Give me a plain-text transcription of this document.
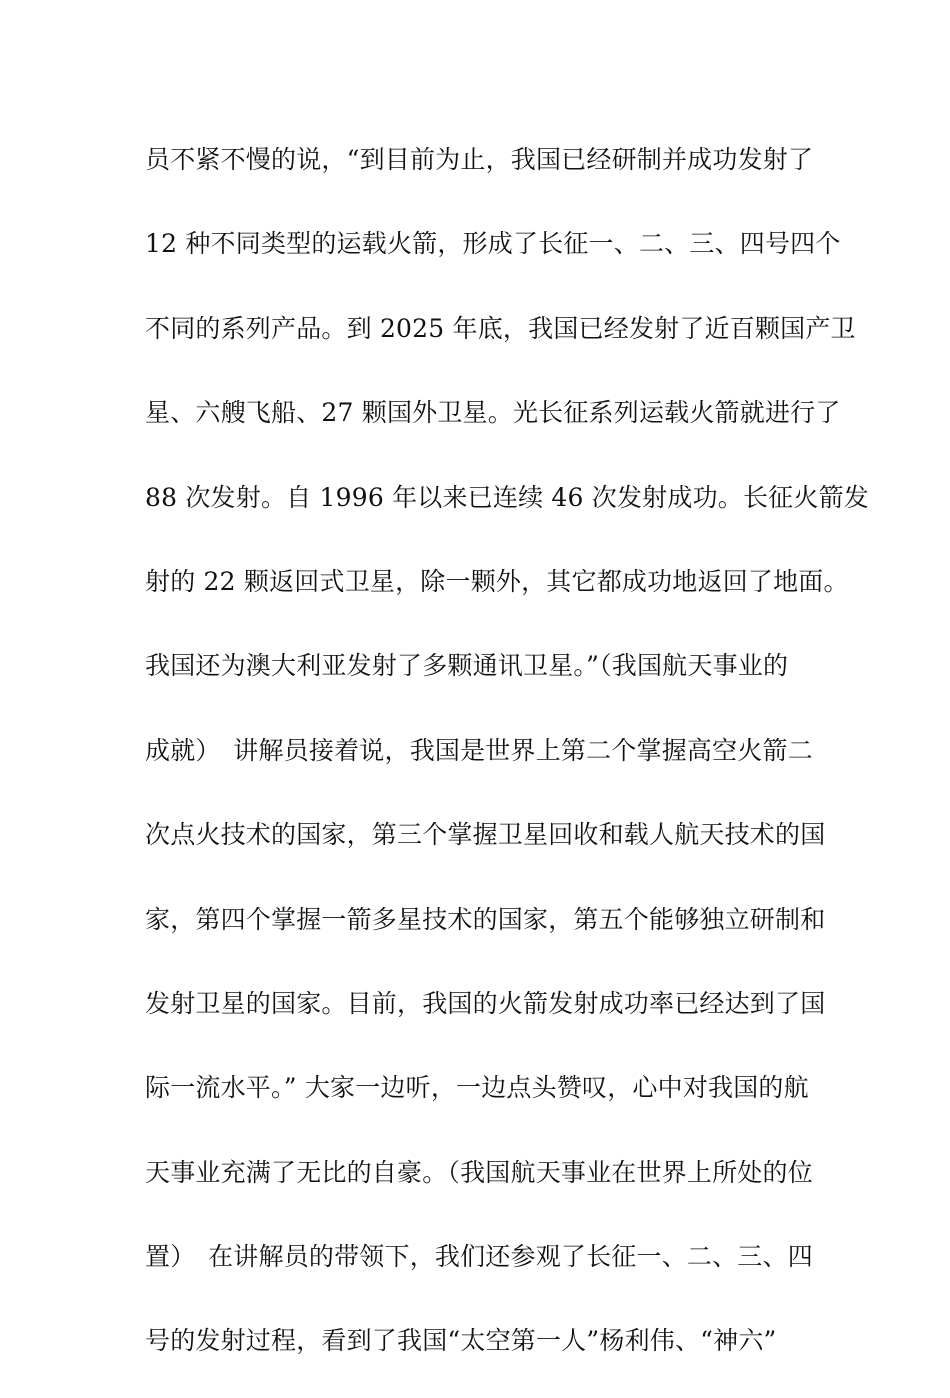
员不紧不慢的说，“到目前为止，我国已经研制并成功发射了
12 种不同类型的运载火箭，形成了长征一、二、三、四号四个
不同的系列产品。到 2025 年底，我国已经发射了近百颗国产卫
星、六艘飞船、27 颗国外卫星。光长征系列运载火箭就进行了
88 次发射。自 1996 年以来已连续 46 次发射成功。长征火箭发
射的 22 颗返回式卫星，除一颗外，其它都成功地返回了地面。
我国还为澳大利亚发射了多颗通讯卫星。”（我国航天事业的
成就）　讲解员接着说，我国是世界上第二个掌握高空火箭二
次点火技术的国家，第三个掌握卫星回收和载人航天技术的国
家，第四个掌握一箭多星技术的国家，第五个能够独立研制和
发射卫星的国家。目前，我国的火箭发射成功率已经达到了国
际一流水平。” 大家一边听，一边点头赞叹，心中对我国的航
天事业充满了无比的自豪。（我国航天事业在世界上所处的位
置）　在讲解员的带领下，我们还参观了长征一、二、三、四
号的发射过程，看到了我国“太空第一人”杨利伟、“神六”
